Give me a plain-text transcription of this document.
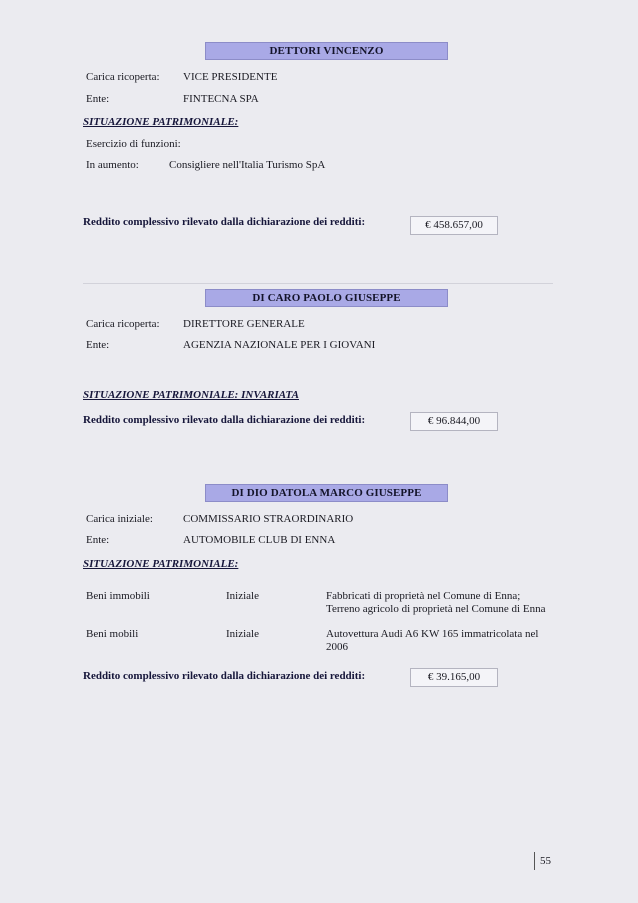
DETTORI VINCENZO
Carica ricoperta: VICE PRESIDENTE
Ente:	FINTECNA SPA
SITUAZIONE PATRIMONIALE:
Esercizio di funzioni:
In aumento:	Consigliere nell'Italia Turismo SpA
Reddito complessivo rilevato dalla dichiarazione dei redditi:	€ 458.657,00
DI CARO PAOLO GIUSEPPE
Carica ricoperta: DIRETTORE GENERALE
Ente:	AGENZIA NAZIONALE PER I GIOVANI
SITUAZIONE PATRIMONIALE: INVARIATA
Reddito complessivo rilevato dalla dichiarazione dei redditi:	€ 96.844,00
DI DIO DATOLA MARCO GIUSEPPE
Carica iniziale:	COMMISSARIO STRAORDINARIO
Ente:	AUTOMOBILE CLUB DI ENNA
SITUAZIONE PATRIMONIALE:
Beni immobili	Iniziale	Fabbricati di proprietà nel Comune di Enna;
Terreno agricolo di proprietà nel Comune di Enna
Beni mobili	Iniziale	Autovettura Audi A6 KW 165 immatricolata nel
2006
Reddito complessivo rilevato dalla dichiarazione dei redditi:	€ 39.165,00
55
